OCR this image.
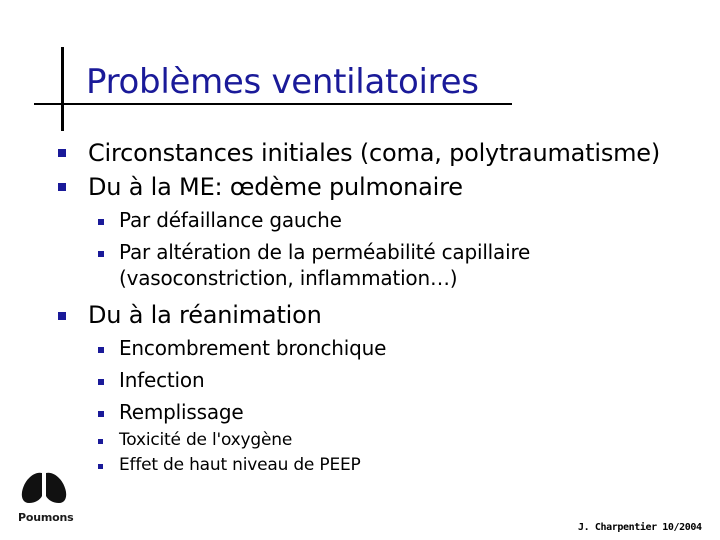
Problèmes ventilatoires

Circonstances initiales (coma, polytraumatisme)

Du à la ME: œdème pulmonaire

Par défaillance gauche

Par altération de la perméabilité capillaire

(vasoconstriction, inflammation…)

Du à la réanimation

Encombrement bronchique

Infection

Remplissage

Toxicité de l'oxygène

Effet de haut niveau de PEEP

Poumons
J. Charpentier 10/2004
